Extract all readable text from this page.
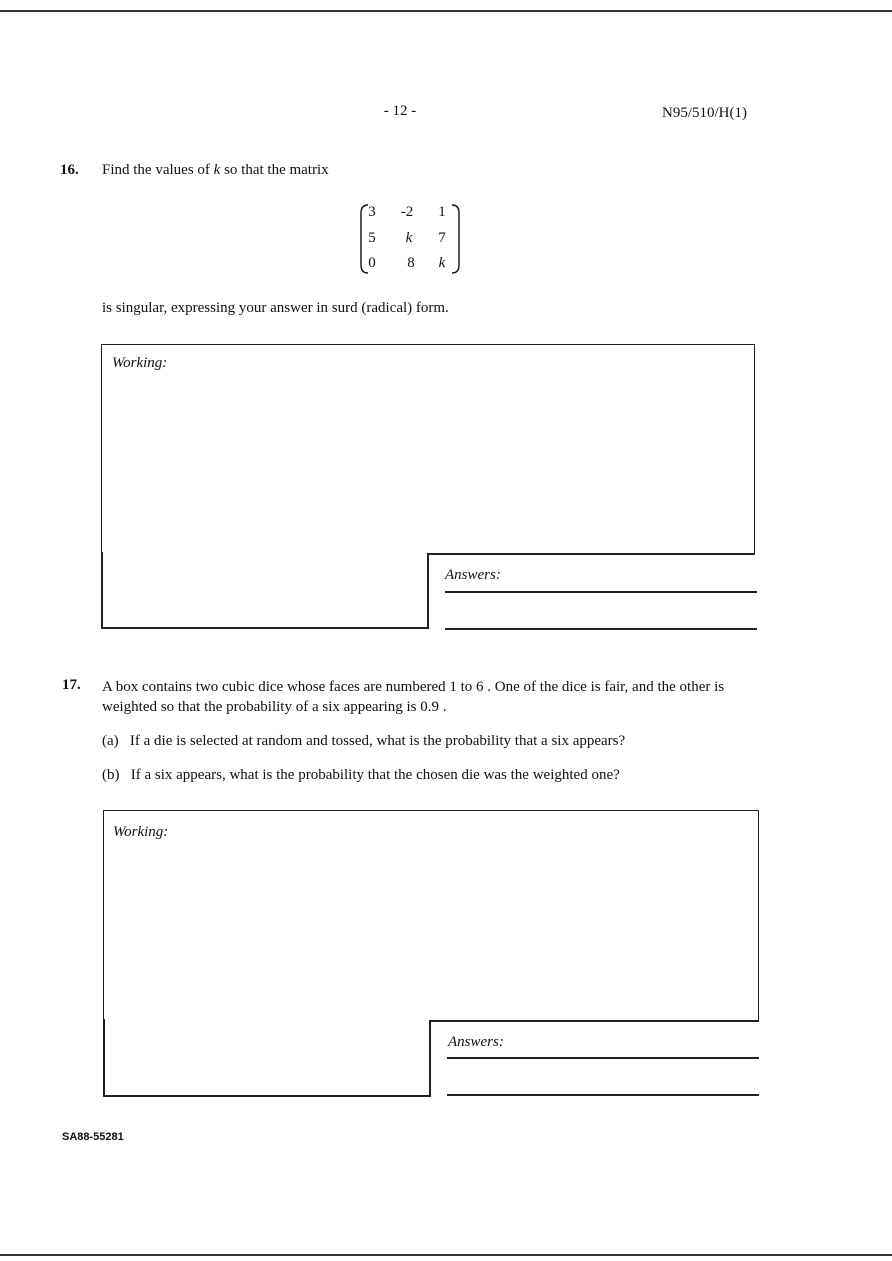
- 12 -	N95/510/H(1)
16. Find the values of k so that the matrix
3	-2	1
5	k	7
0	8	k
is singular, expressing your answer in surd (radical) form.
Working:
Answers:
17. A box contains two cubic dice whose faces are numbered 1 to 6 . One of the dice is fair, and the other is weighted so that the probability of a six appearing is 0.9 .
(a) If a die is selected at random and tossed, what is the probability that a six appears?
(b) If a six appears, what is the probability that the chosen die was the weighted one?
Working:
Answers:
SA88-55281
